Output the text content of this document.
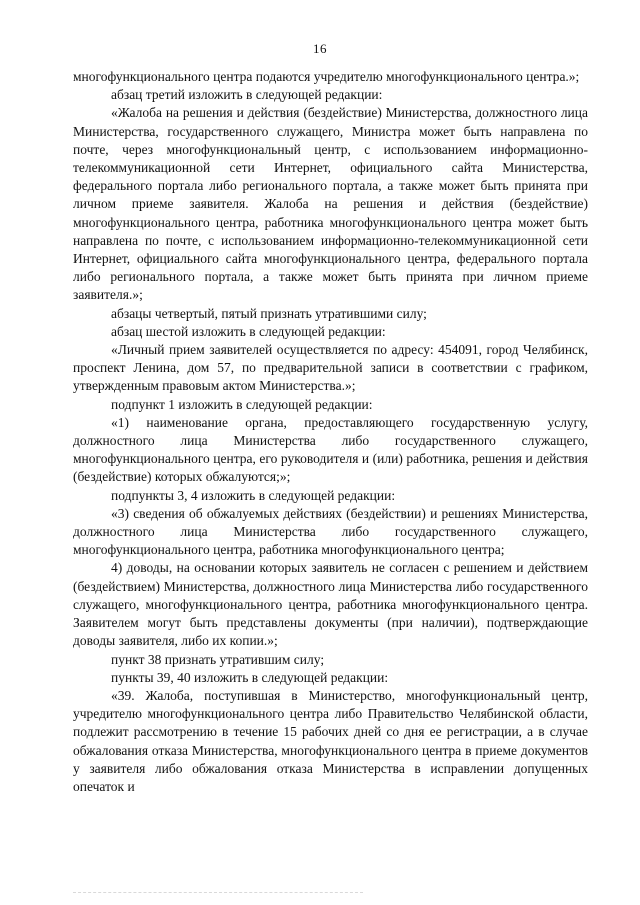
16

многофункционального центра подаются учредителю многофункционального центра.»;

абзац третий изложить в следующей редакции:

«Жалоба на решения и действия (бездействие) Министерства, должностного лица Министерства, государственного служащего, Министра может быть направлена по почте, через многофункциональный центр, с использованием информационно-телекоммуникационной сети Интернет, официального сайта Министерства, федерального портала либо регионального портала, а также может быть принята при личном приеме заявителя. Жалоба на решения и действия (бездействие) многофункционального центра, работника многофункционального центра может быть направлена по почте, с использованием информационно-телекоммуникационной сети Интернет, официального сайта многофункционального центра, федерального портала либо регионального портала, а также может быть принята при личном приеме заявителя.»;

абзацы четвертый, пятый признать утратившими силу;

абзац шестой изложить в следующей редакции:

«Личный прием заявителей осуществляется по адресу: 454091, город Челябинск, проспект Ленина, дом 57, по предварительной записи в соответствии с графиком, утвержденным правовым актом Министерства.»;

подпункт 1 изложить в следующей редакции:

«1) наименование органа, предоставляющего государственную услугу, должностного лица Министерства либо государственного служащего, многофункционального центра, его руководителя и (или) работника, решения и действия (бездействие) которых обжалуются;»;

подпункты 3, 4 изложить в следующей редакции:

«3) сведения об обжалуемых действиях (бездействии) и решениях Министерства, должностного лица Министерства либо государственного служащего, многофункционального центра, работника многофункционального центра;

4) доводы, на основании которых заявитель не согласен с решением и действием (бездействием) Министерства, должностного лица Министерства либо государственного служащего, многофункционального центра, работника многофункционального центра. Заявителем могут быть представлены документы (при наличии), подтверждающие доводы заявителя, либо их копии.»;

пункт 38 признать утратившим силу;

пункты 39, 40 изложить в следующей редакции:

«39. Жалоба, поступившая в Министерство, многофункциональный центр, учредителю многофункционального центра либо Правительство Челябинской области, подлежит рассмотрению в течение 15 рабочих дней со дня ее регистрации, а в случае обжалования отказа Министерства, многофункционального центра в приеме документов у заявителя либо обжалования отказа Министерства в исправлении допущенных опечаток и
